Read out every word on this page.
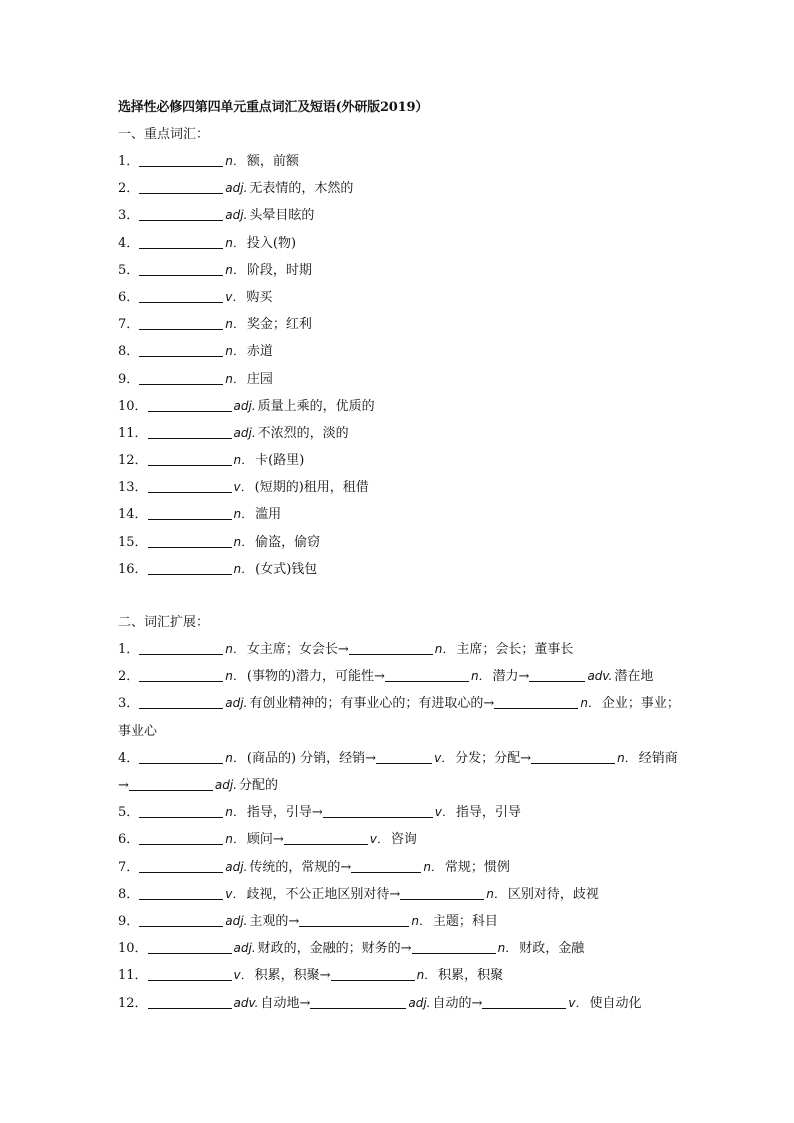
选择性必修四第四单元重点词汇及短语(外研版2019）
一、重点词汇：
1．	n． 额，前额
2．	adj. 无表情的，木然的
3．	adj. 头晕目眩的
4．	n． 投入(物)
5．	n． 阶段，时期
6．	v． 购买
7．	n． 奖金；红利
8．	n． 赤道
9．	n． 庄园
10．	adj. 质量上乘的，优质的
11．	adj. 不浓烈的，淡的
12．	n． 卡(路里)
13．	v． (短期的)租用，租借
14．	n． 滥用
15．	n． 偷盗，偷窃
16．	n． (女式)钱包
二、词汇扩展：
1．	n． 女主席；女会长→	n． 主席；会长；董事长
2．	n． (事物的)潜力，可能性→	n． 潜力→	adv. 潜在地
3．	adj. 有创业精神的；有事业心的；有进取心的→	n． 企业；事业；事业心
4．	n． (商品的) 分销，经销→	v． 分发；分配→	n． 经销商→	adj. 分配的
5．	n． 指导，引导→	v． 指导，引导
6．	n． 顾问→	v． 咨询
7．	adj. 传统的，常规的→	n． 常规；惯例
8．	v． 歧视，不公正地区别对待→	n． 区别对待，歧视
9．	adj. 主观的→	n． 主题；科目
10．	adj. 财政的，金融的；财务的→	n． 财政，金融
11．	v． 积累，积聚→	n． 积累，积聚
12．	adv. 自动地→	adj. 自动的→	v． 使自动化
